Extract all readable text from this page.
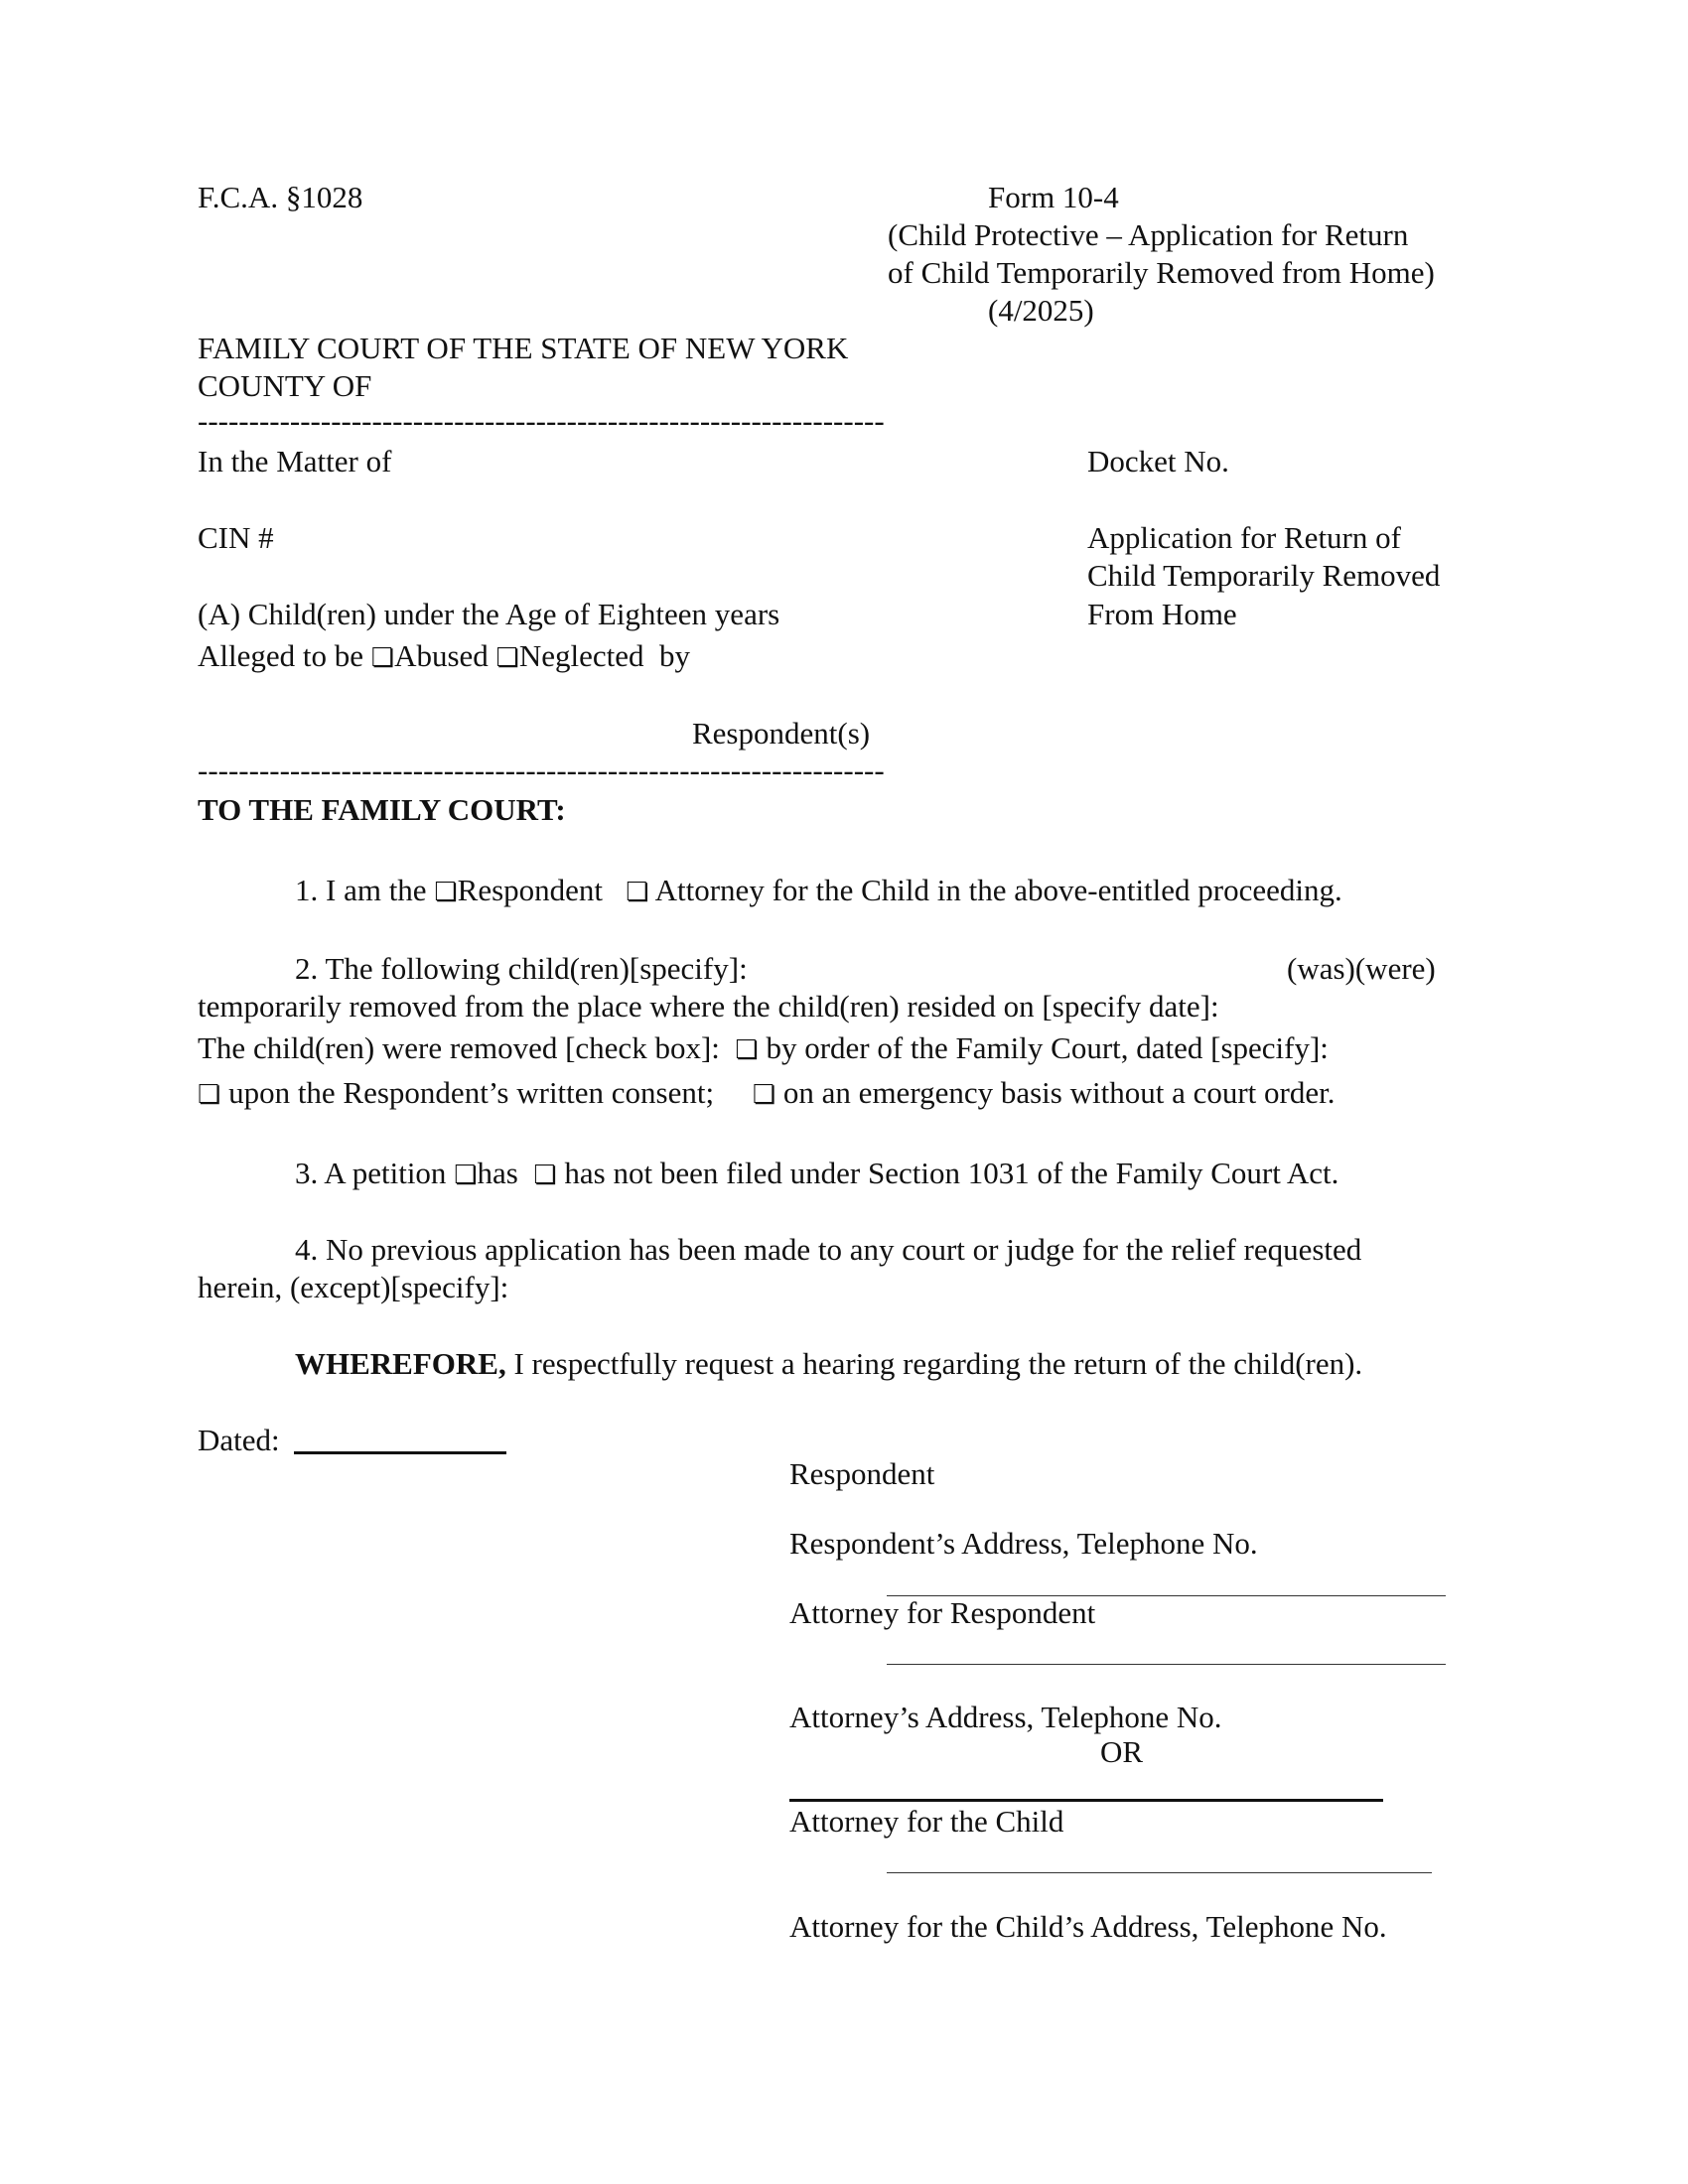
F.C.A. §1028	Form 10-4
(Child Protective – Application for Return
of Child Temporarily Removed from Home)
(4/2025)
FAMILY COURT OF THE STATE OF NEW YORK
COUNTY OF
-------------------------------------------------------------------
In the Matter of	Docket No.
CIN #	Application for Return of
Child Temporarily Removed
From Home
(A) Child(ren) under the Age of Eighteen years
Alleged to be ❏Abused ❏Neglected by
Respondent(s)
-------------------------------------------------------------------
TO THE FAMILY COURT:
1. I am the ❏Respondent ❏ Attorney for the Child in the above-entitled proceeding.
2. The following child(ren)[specify]:	(was)(were)
temporarily removed from the place where the child(ren) resided on [specify date]:
The child(ren) were removed [check box]: ❏ by order of the Family Court, dated [specify]:
❏ upon the Respondent’s written consent; ❏ on an emergency basis without a court order.
3. A petition ❏has ❏ has not been filed under Section 1031 of the Family Court Act.
4. No previous application has been made to any court or judge for the relief requested
herein, (except)[specify]:
WHEREFORE, I respectfully request a hearing regarding the return of the child(ren).
Dated:
Respondent
Respondent’s Address, Telephone No.
Attorney for Respondent
Attorney’s Address, Telephone No.
OR
Attorney for the Child
Attorney for the Child’s Address, Telephone No.
